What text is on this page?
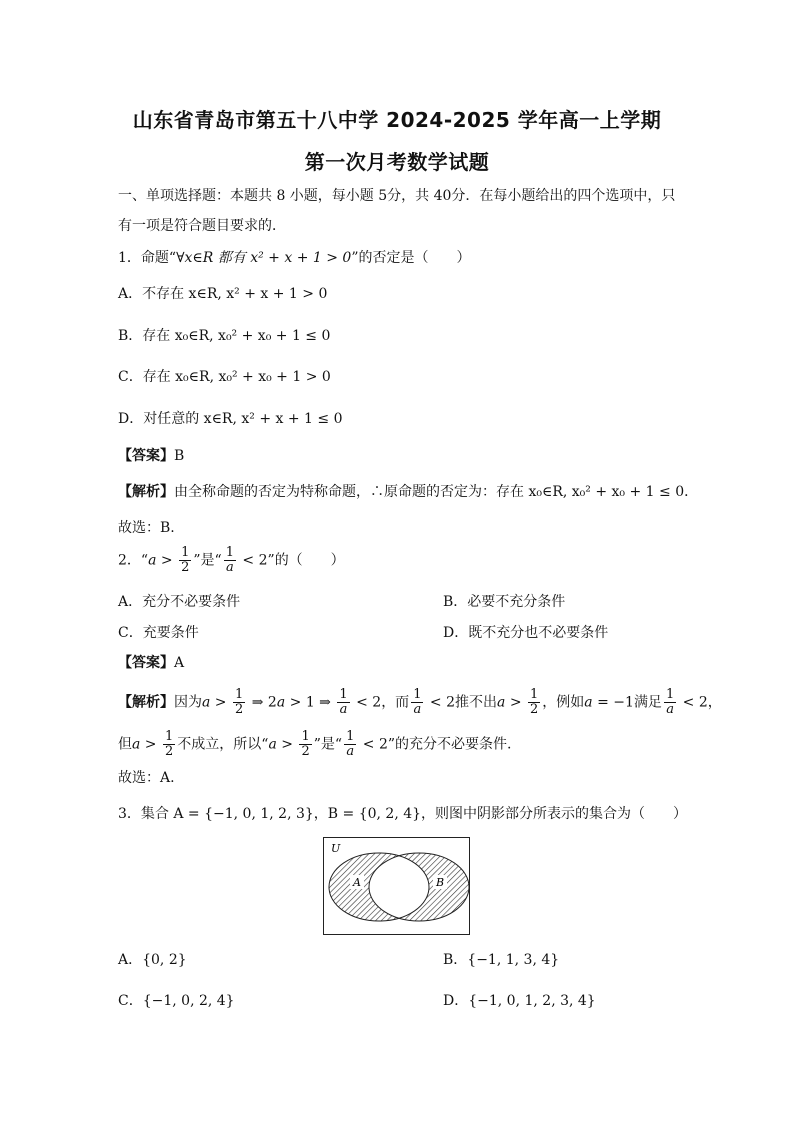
山东省青岛市第五十八中学 2024-2025 学年高一上学期
第一次月考数学试题
一、单项选择题：本题共 8 小题，每小题 5分，共 40分．在每小题给出的四个选项中，只
有一项是符合题目要求的．
1．命题“∀x∈R 都有 x² + x + 1 > 0”的否定是（　　）
A．不存在 x∈R, x² + x + 1 > 0
B．存在 x₀∈R, x₀² + x₀ + 1 ≤ 0
C．存在 x₀∈R, x₀² + x₀ + 1 > 0
D．对任意的 x∈R, x² + x + 1 ≤ 0
【答案】B
【解析】由全称命题的否定为特称命题，∴原命题的否定为：存在 x₀∈R, x₀² + x₀ + 1 ≤ 0．
故选：B.
2．“$a > \frac{1}{2}$ ”是“ $\frac{1}{a} < 2$”的（　　）
A．充分不必要条件	B．必要不充分条件
C．充要条件	D．既不充分也不必要条件
【答案】A
【解析】因为$a > \frac{1}{2}$ ⇒ 2a > 1 ⇒ $\frac{1}{a} < 2$，而 $\frac{1}{a} < 2$推不出$a > \frac{1}{2}$ ，例如a = −1满足 $\frac{1}{a} < 2$，
但$a > \frac{1}{2}$ 不成立，所以“$a > \frac{1}{2}$ ”是“ $\frac{1}{a} < 2$”的充分不必要条件.
故选：A.
3．集合 A = {−1, 0, 1, 2, 3}，B = {0, 2, 4}，则图中阴影部分所表示的集合为（　　）
U
A	B
A．{0, 2}	B．{−1, 1, 3, 4}
C．{−1, 0, 2, 4}	D．{−1, 0, 1, 2, 3, 4}
